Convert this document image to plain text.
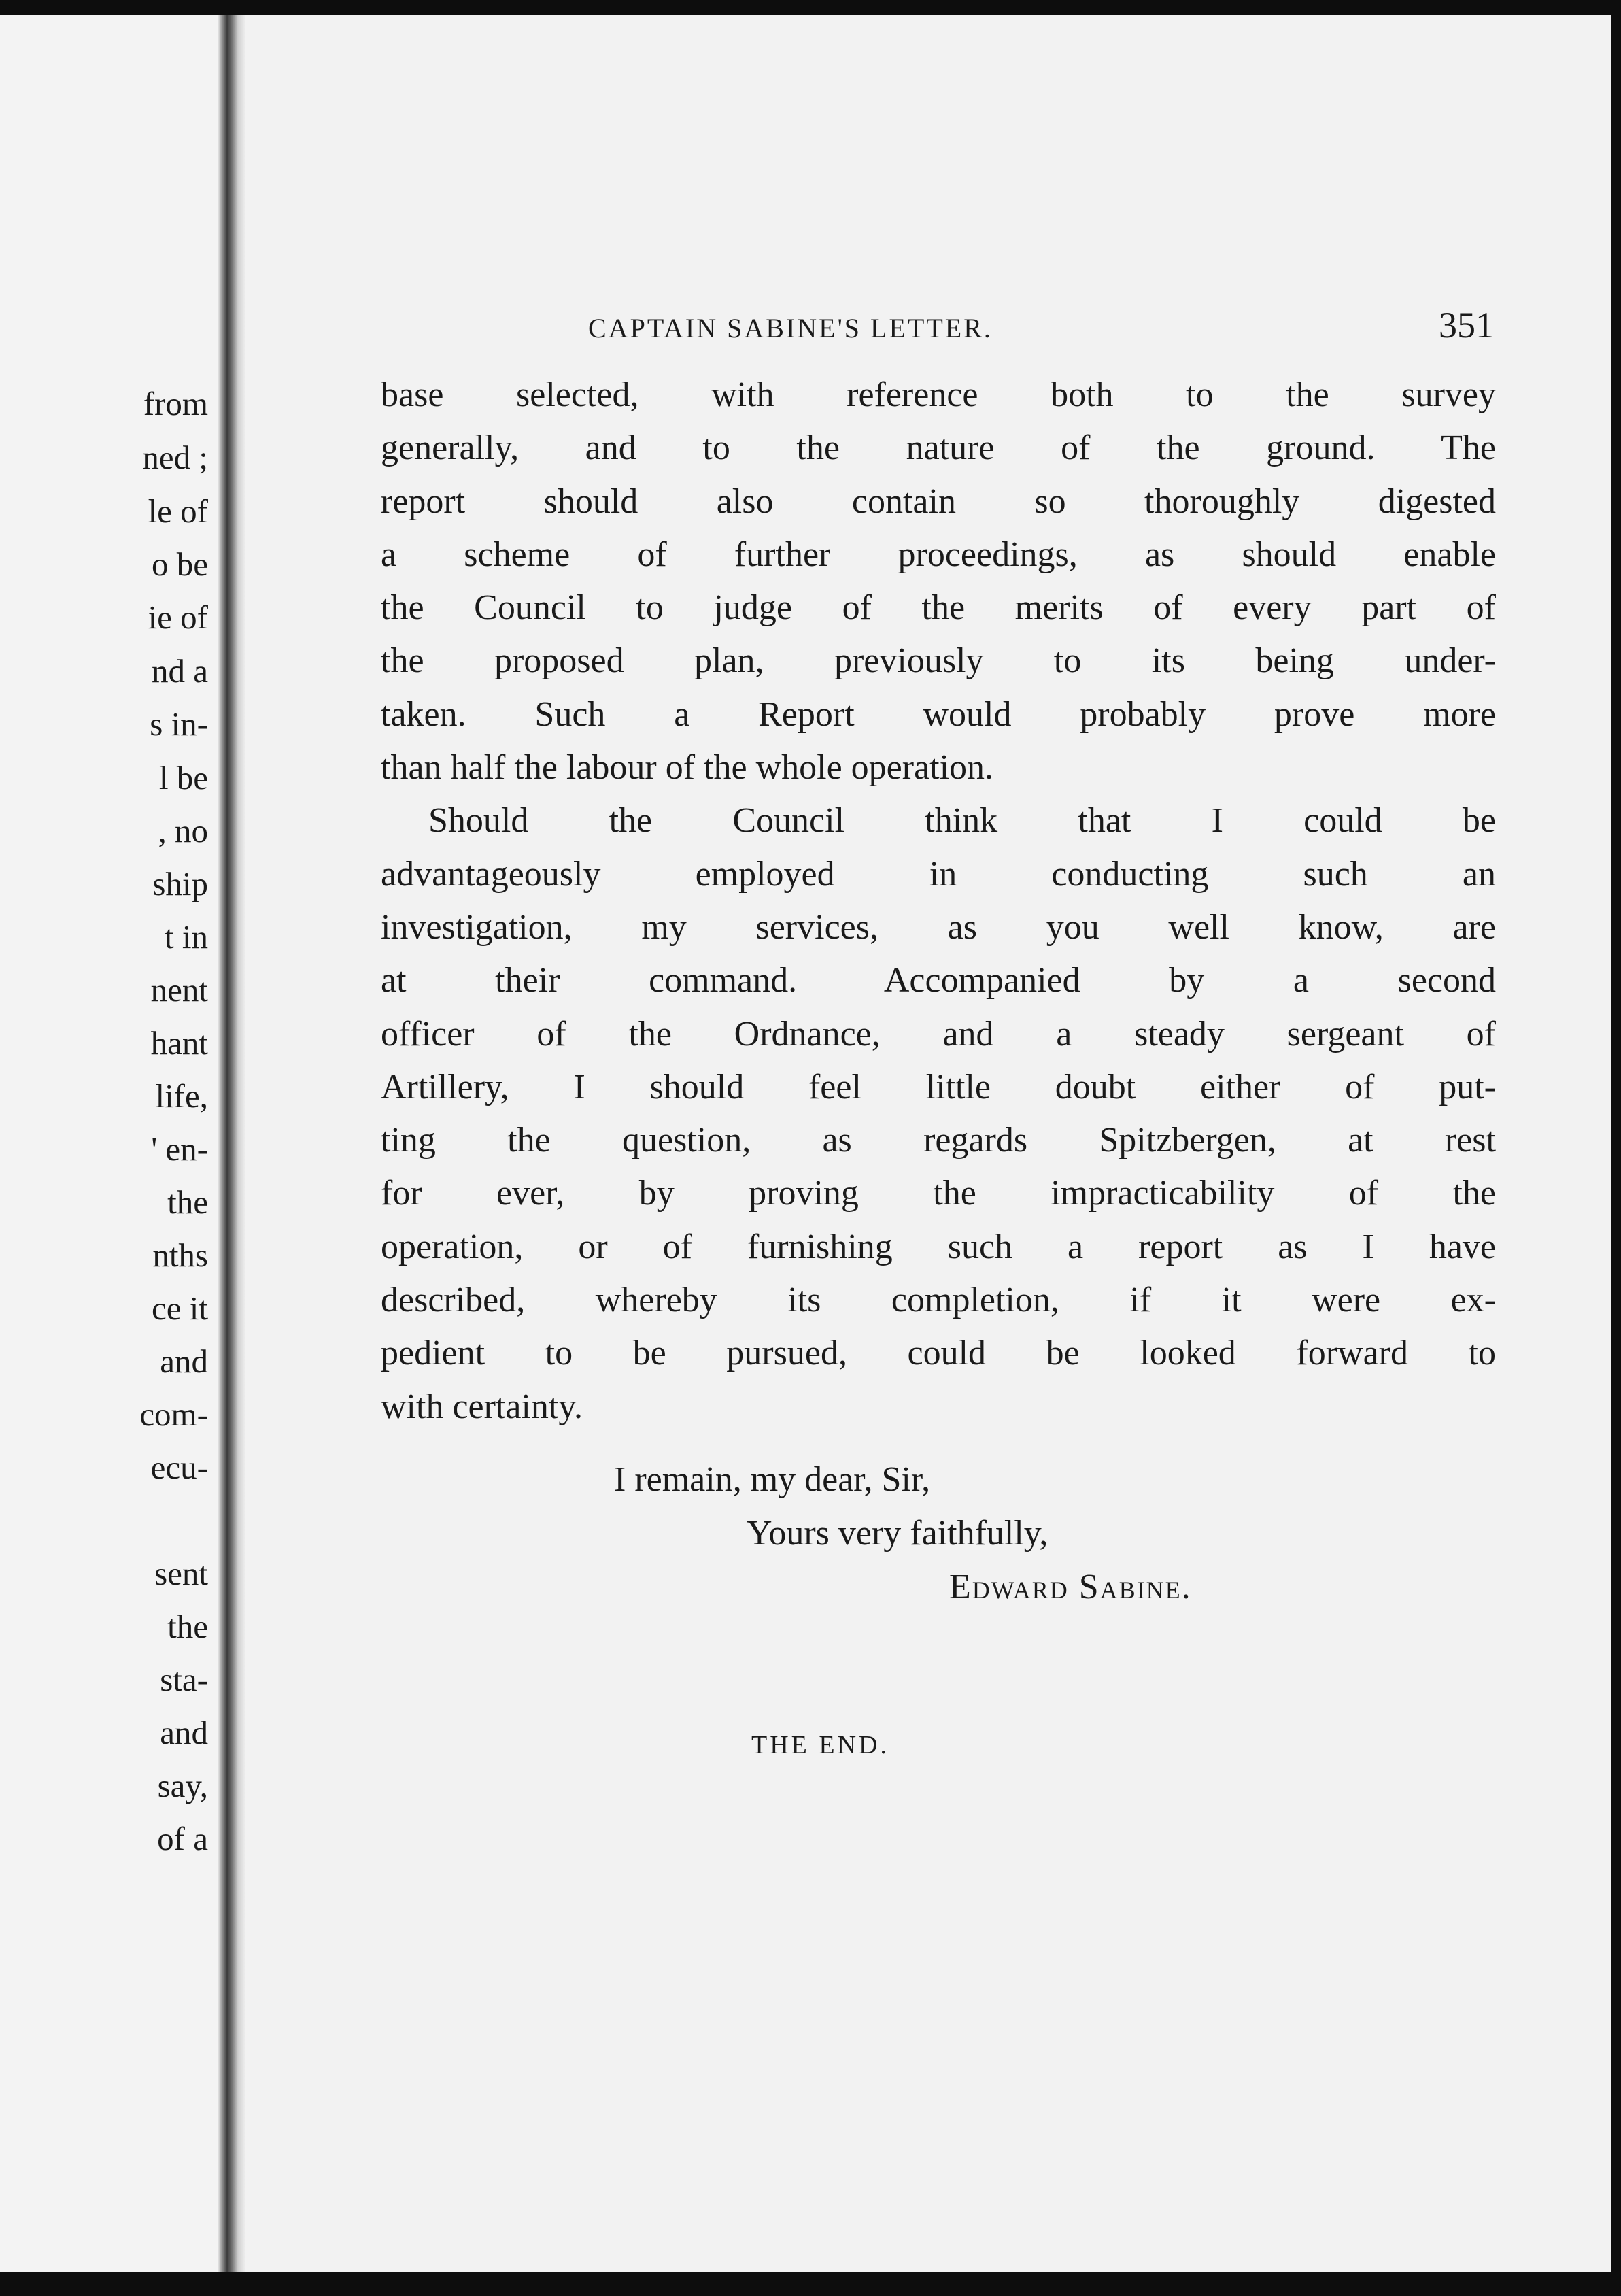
from
ned ;
le of
o be
ie of
nd a
s in-
l be
, no
ship
t in
nent
hant
life,
' en-
the
nths
ce it
and
com-
ecu-
sent
the
sta-
and
say,
of a
CAPTAIN SABINE'S LETTER.	351
base selected, with reference both to the survey
generally, and to the nature of the ground. The
report should also contain so thoroughly digested
a scheme of further proceedings, as should enable
the Council to judge of the merits of every part of
the proposed plan, previously to its being under-
taken. Such a Report would probably prove more
than half the labour of the whole operation.
Should the Council think that I could be
advantageously employed in conducting such an
investigation, my services, as you well know, are
at their command. Accompanied by a second
officer of the Ordnance, and a steady sergeant of
Artillery, I should feel little doubt either of put-
ting the question, as regards Spitzbergen, at rest
for ever, by proving the impracticability of the
operation, or of furnishing such a report as I have
described, whereby its completion, if it were ex-
pedient to be pursued, could be looked forward to
with certainty.
I remain, my dear, Sir,
Yours very faithfully,
Edward Sabine.
THE END.
